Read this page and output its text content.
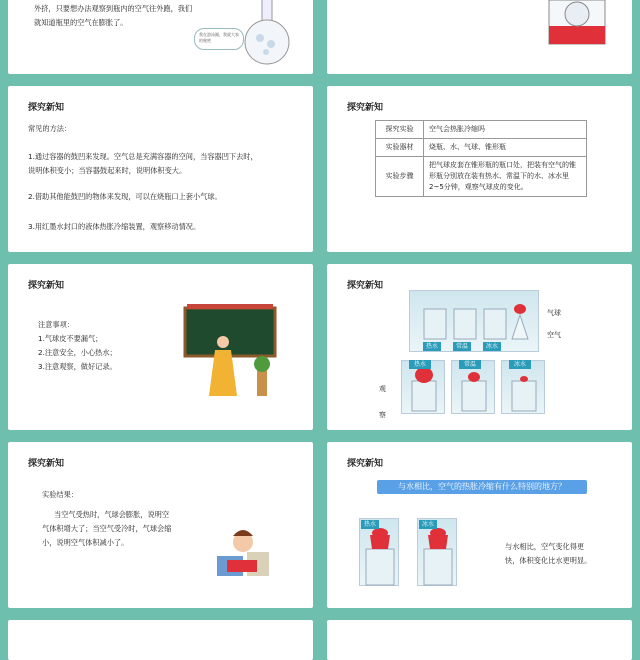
外挤，只要想办法观察到瓶内的空气往外跑，我们
就知道瓶里的空气在膨胀了。
我在游泳圈，我就大家的秘密
探究新知
常见的方法：
1.通过容器的鼓凹来发现。空气总是充满容器的空间，当容器凹下去时，
说明体积变小；当容器鼓起来时，说明体积变大。
2.借助其他能鼓凹的物体来发现，可以在烧瓶口上套小气球。
3.用红墨水封口的液体热胀冷缩装置，观察移动情况。
探究新知
探究实验	空气会热胀冷缩吗
实验器材	烧瓶、水、气球、锥形瓶
实验步骤	把气球皮套在锥形瓶的瓶口处，把装有空气的锥形瓶分别放在装有热水、常温下的水、冰水里2~5分钟，观察气球皮的变化。
探究新知
注意事项：
1.气球皮不要漏气；
2.注意安全，小心热水；
3.注意观察，做好记录。
探究新知
热水	常温	冰水
气球
空气
热水	常温	冰水
观察
探究新知
实验结果：
当空气受热时，气球会膨胀，说明空
气体积增大了；当空气受冷时，气球会缩
小，说明空气体积减小了。
探究新知
与水相比，空气的热胀冷缩有什么特别的地方？
热水	冰水
与水相比，空气变化得更
快，体积变化比水更明显。
